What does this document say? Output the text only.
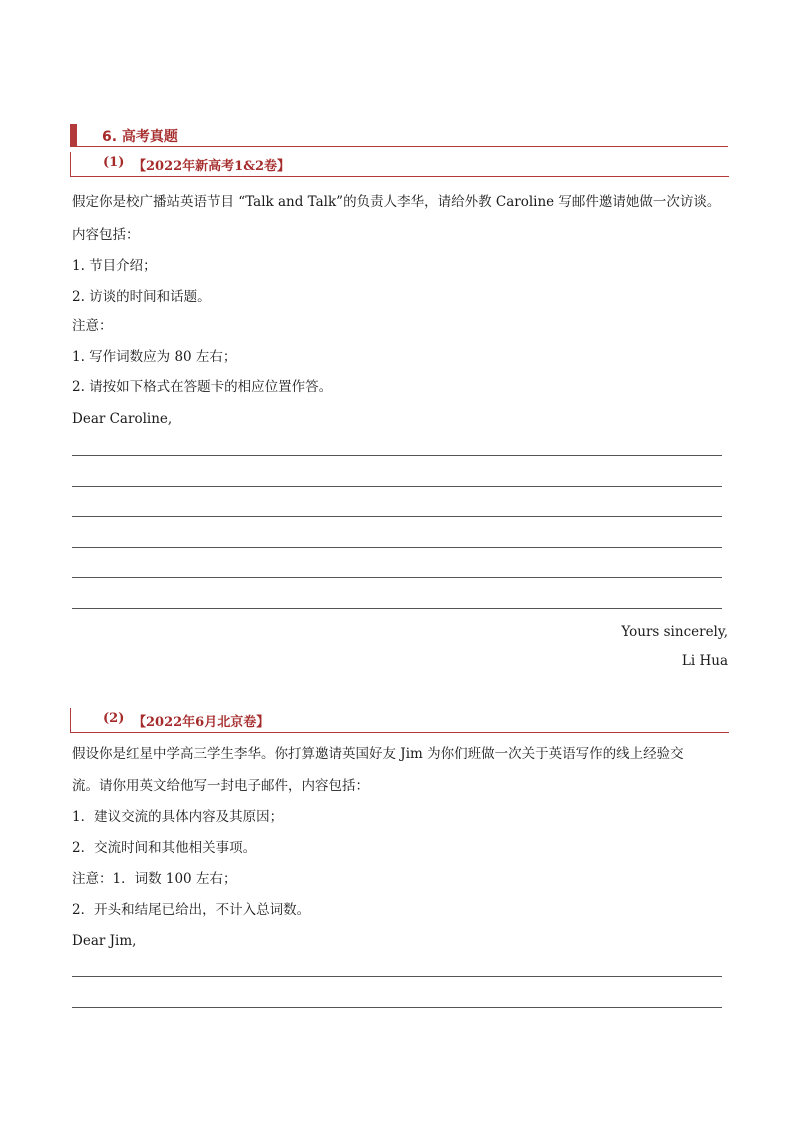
6. 高考真题
(1) 【2022年新高考1&2卷】
假定你是校广播站英语节目 “Talk and Talk”的负责人李华，请给外教 Caroline 写邮件邀请她做一次访谈。
内容包括：
1. 节目介绍；
2. 访谈的时间和话题。
注意：
1. 写作词数应为 80 左右；
2. 请按如下格式在答题卡的相应位置作答。
Dear Caroline,
Yours sincerely,
Li Hua
(2) 【2022年6月北京卷】
假设你是红星中学高三学生李华。你打算邀请英国好友 Jim 为你们班做一次关于英语写作的线上经验交
流。请你用英文给他写一封电子邮件，内容包括：
1．建议交流的具体内容及其原因；
2．交流时间和其他相关事项。
注意：1．词数 100 左右；
2．开头和结尾已给出，不计入总词数。
Dear Jim,
